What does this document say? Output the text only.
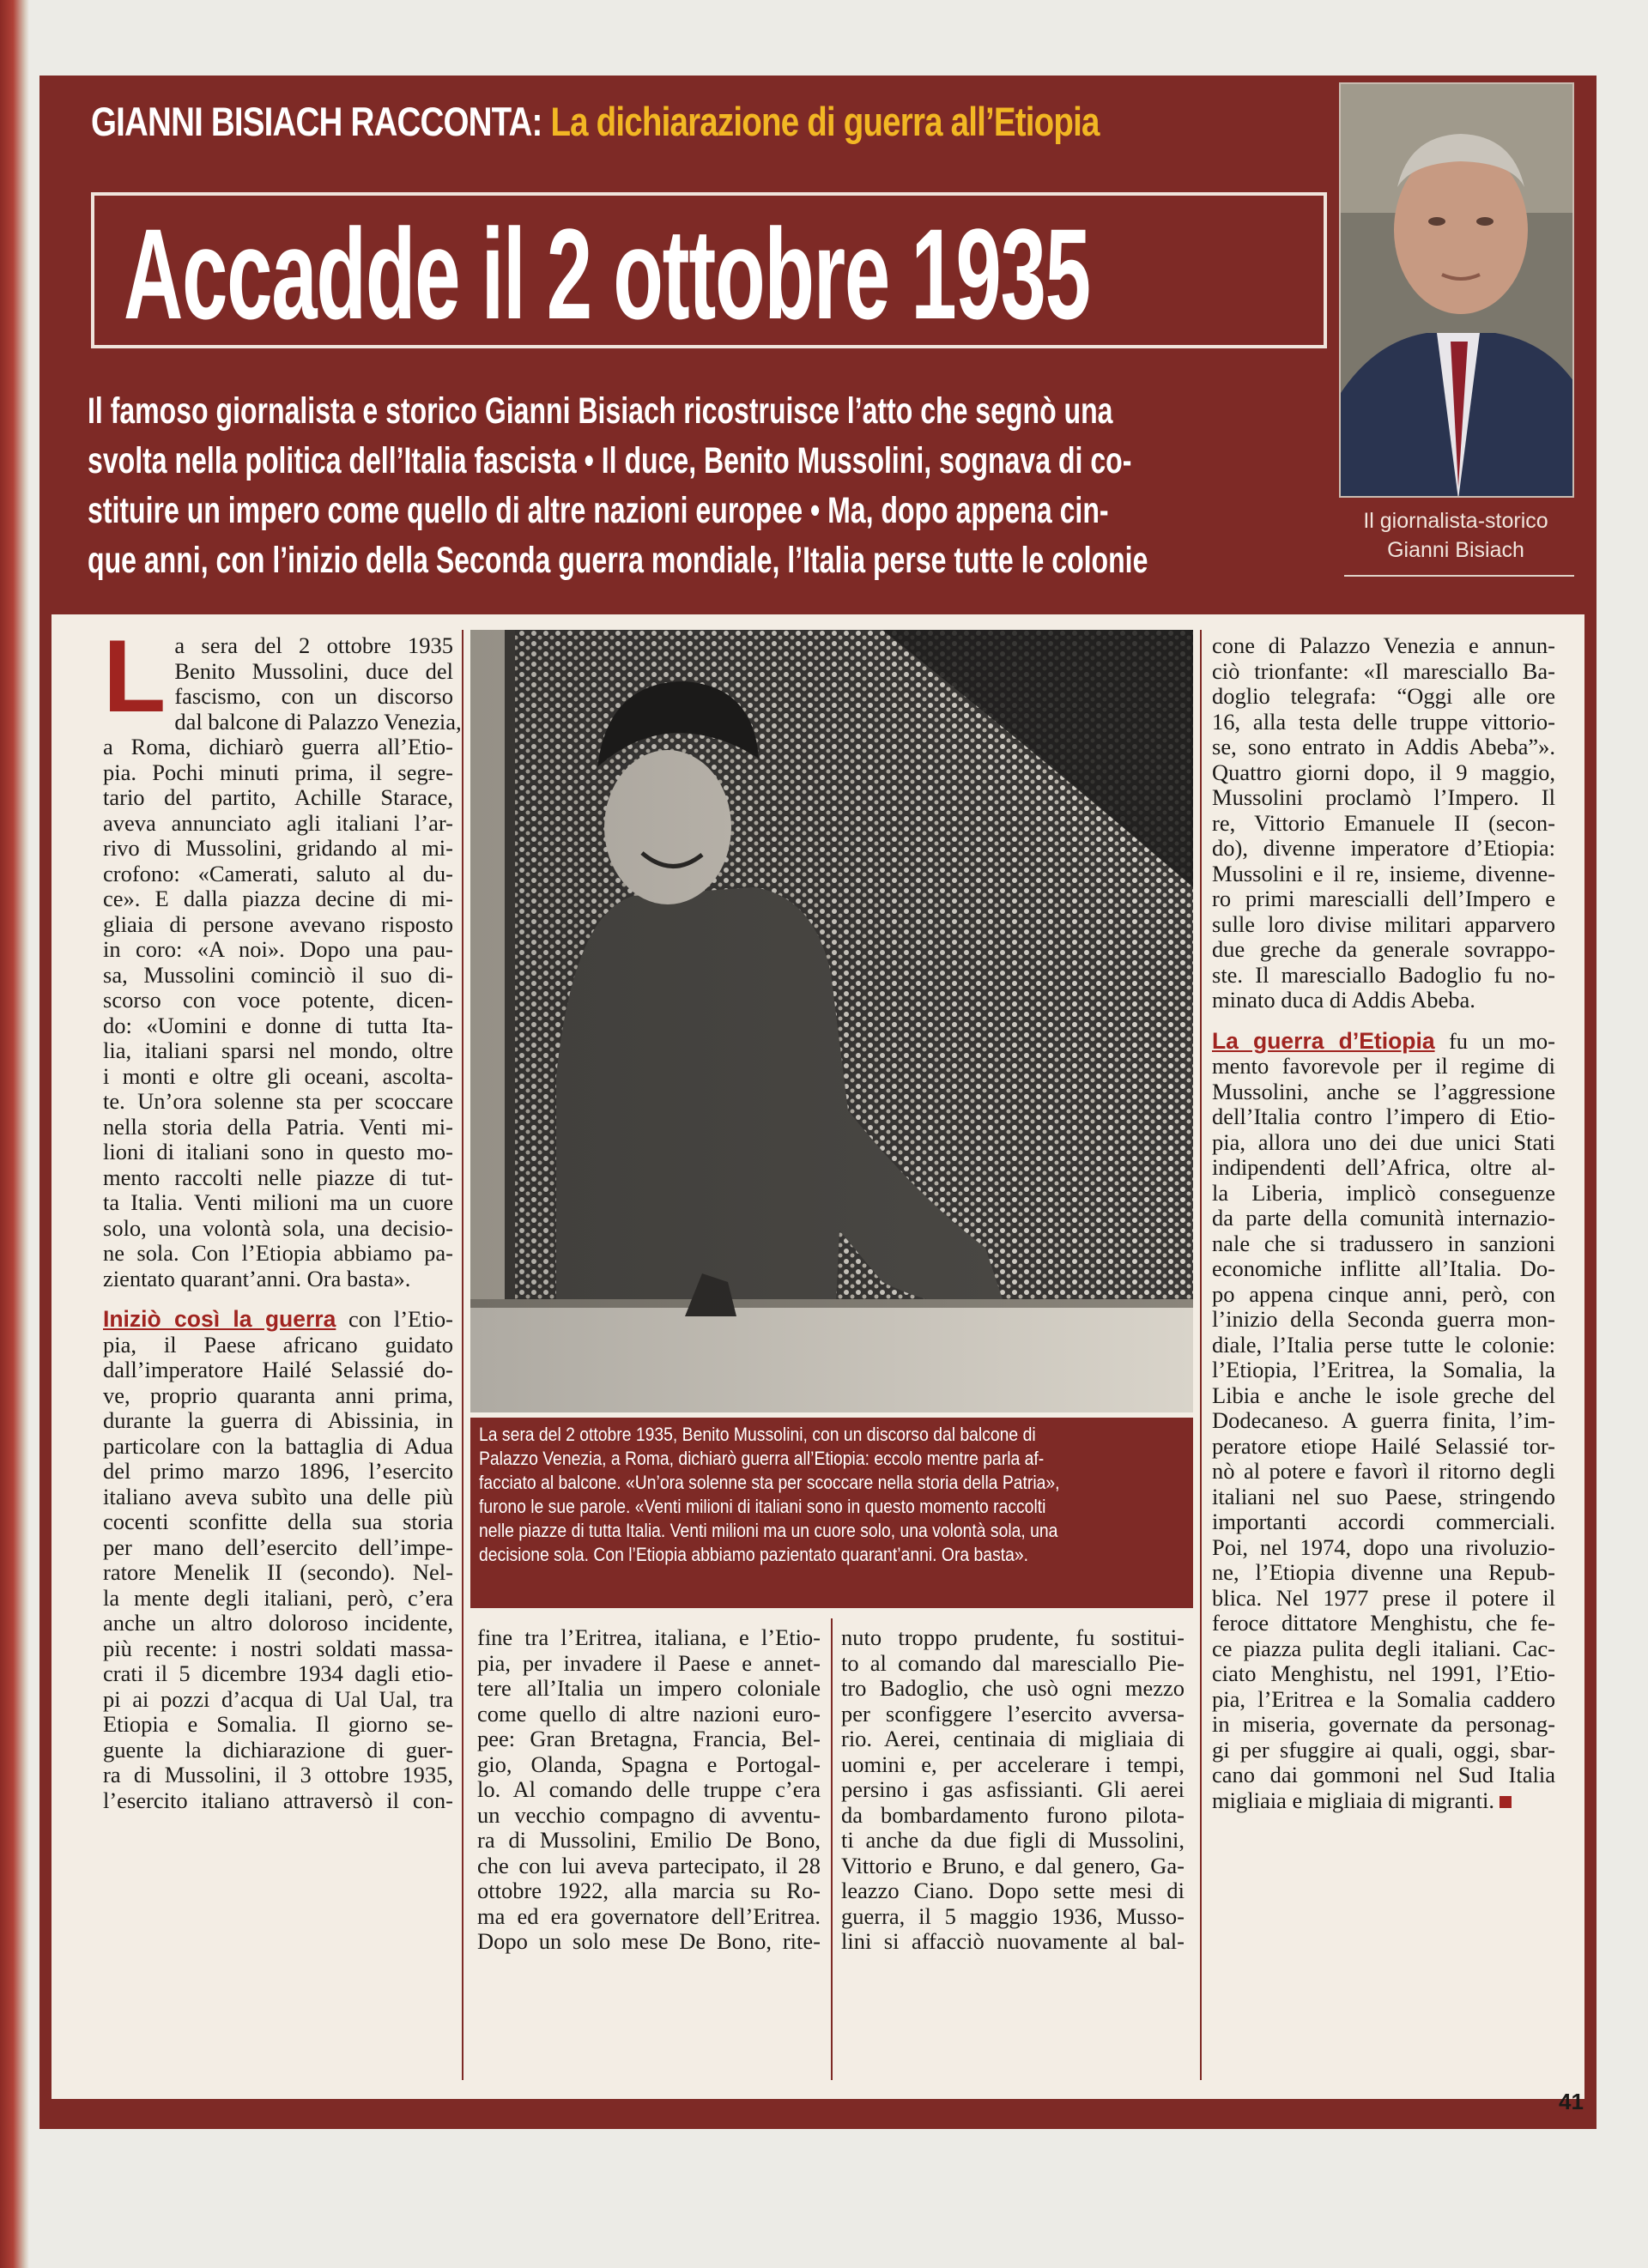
GIANNI BISIACH RACCONTA: La dichiarazione di guerra all’Etiopia
Accadde il 2 ottobre 1935
Il famoso giornalista e storico Gianni Bisiach ricostruisce l’atto che segnò una
svolta nella politica dell’Italia fascista • Il duce, Benito Mussolini, sognava di co-
stituire un impero come quello di altre nazioni europee • Ma, dopo appena cin-
que anni, con l’inizio della Seconda guerra mondiale, l’Italia perse tutte le colonie
Il giornalista-storico
Gianni Bisiach
L a sera del 2 ottobre 1935
Benito Mussolini, duce del
fascismo, con un discorso
dal balcone di Palazzo Venezia,
a Roma, dichiarò guerra all’Etio-
pia. Pochi minuti prima, il segre-
tario del partito, Achille Starace,
aveva annunciato agli italiani l’ar-
rivo di Mussolini, gridando al mi-
crofono: «Camerati, saluto al du-
ce». E dalla piazza decine di mi-
gliaia di persone avevano risposto
in coro: «A noi». Dopo una pau-
sa, Mussolini cominciò il suo di-
scorso con voce potente, dicen-
do: «Uomini e donne di tutta Ita-
lia, italiani sparsi nel mondo, oltre
i monti e oltre gli oceani, ascolta-
te. Un’ora solenne sta per scoccare
nella storia della Patria. Venti mi-
lioni di italiani sono in questo mo-
mento raccolti nelle piazze di tut-
ta Italia. Venti milioni ma un cuore
solo, una volontà sola, una decisio-
ne sola. Con l’Etiopia abbiamo pa-
zientato quarant’anni. Ora basta».
Iniziò così la guerra con l’Etio-
pia, il Paese africano guidato
dall’imperatore Hailé Selassié do-
ve, proprio quaranta anni prima,
durante la guerra di Abissinia, in
particolare con la battaglia di Adua
del primo marzo 1896, l’esercito
italiano aveva subìto una delle più
cocenti sconfitte della sua storia
per mano dell’esercito dell’impe-
ratore Menelik II (secondo). Nel-
la mente degli italiani, però, c’era
anche un altro doloroso incidente,
più recente: i nostri soldati massa-
crati il 5 dicembre 1934 dagli etio-
pi ai pozzi d’acqua di Ual Ual, tra
Etiopia e Somalia. Il giorno se-
guente la dichiarazione di guer-
ra di Mussolini, il 3 ottobre 1935,
l’esercito italiano attraversò il con-
La sera del 2 ottobre 1935, Benito Mussolini, con un discorso dal balcone di
Palazzo Venezia, a Roma, dichiarò guerra all’Etiopia: eccolo mentre parla af-
facciato al balcone. «Un’ora solenne sta per scoccare nella storia della Patria»,
furono le sue parole. «Venti milioni di italiani sono in questo momento raccolti
nelle piazze di tutta Italia. Venti milioni ma un cuore solo, una volontà sola, una
decisione sola. Con l’Etiopia abbiamo pazientato quarant’anni. Ora basta».
fine tra l’Eritrea, italiana, e l’Etio-
pia, per invadere il Paese e annet-
tere all’Italia un impero coloniale
come quello di altre nazioni euro-
pee: Gran Bretagna, Francia, Bel-
gio, Olanda, Spagna e Portogal-
lo. Al comando delle truppe c’era
un vecchio compagno di avventu-
ra di Mussolini, Emilio De Bono,
che con lui aveva partecipato, il 28
ottobre 1922, alla marcia su Ro-
ma ed era governatore dell’Eritrea.
Dopo un solo mese De Bono, rite-
nuto troppo prudente, fu sostitui-
to al comando dal maresciallo Pie-
tro Badoglio, che usò ogni mezzo
per sconfiggere l’esercito avversa-
rio. Aerei, centinaia di migliaia di
uomini e, per accelerare i tempi,
persino i gas asfissianti. Gli aerei
da bombardamento furono pilota-
ti anche da due figli di Mussolini,
Vittorio e Bruno, e dal genero, Ga-
leazzo Ciano. Dopo sette mesi di
guerra, il 5 maggio 1936, Musso-
lini si affacciò nuovamente al bal-
cone di Palazzo Venezia e annun-
ciò trionfante: «Il maresciallo Ba-
doglio telegrafa: “Oggi alle ore
16, alla testa delle truppe vittorio-
se, sono entrato in Addis Abeba”».
Quattro giorni dopo, il 9 maggio,
Mussolini proclamò l’Impero. Il
re, Vittorio Emanuele II (secon-
do), divenne imperatore d’Etiopia:
Mussolini e il re, insieme, divenne-
ro primi marescialli dell’Impero e
sulle loro divise militari apparvero
due greche da generale sovrappo-
ste. Il maresciallo Badoglio fu no-
minato duca di Addis Abeba.
La guerra d’Etiopia fu un mo-
mento favorevole per il regime di
Mussolini, anche se l’aggressione
dell’Italia contro l’impero di Etio-
pia, allora uno dei due unici Stati
indipendenti dell’Africa, oltre al-
la Liberia, implicò conseguenze
da parte della comunità internazio-
nale che si tradussero in sanzioni
economiche inflitte all’Italia. Do-
po appena cinque anni, però, con
l’inizio della Seconda guerra mon-
diale, l’Italia perse tutte le colonie:
l’Etiopia, l’Eritrea, la Somalia, la
Libia e anche le isole greche del
Dodecaneso. A guerra finita, l’im-
peratore etiope Hailé Selassié tor-
nò al potere e favorì il ritorno degli
italiani nel suo Paese, stringendo
importanti accordi commerciali.
Poi, nel 1974, dopo una rivoluzio-
ne, l’Etiopia divenne una Repub-
blica. Nel 1977 prese il potere il
feroce dittatore Menghistu, che fe-
ce piazza pulita degli italiani. Cac-
ciato Menghistu, nel 1991, l’Etio-
pia, l’Eritrea e la Somalia caddero
in miseria, governate da personag-
gi per sfuggire ai quali, oggi, sbar-
cano dai gommoni nel Sud Italia
migliaia e migliaia di migranti.
41
